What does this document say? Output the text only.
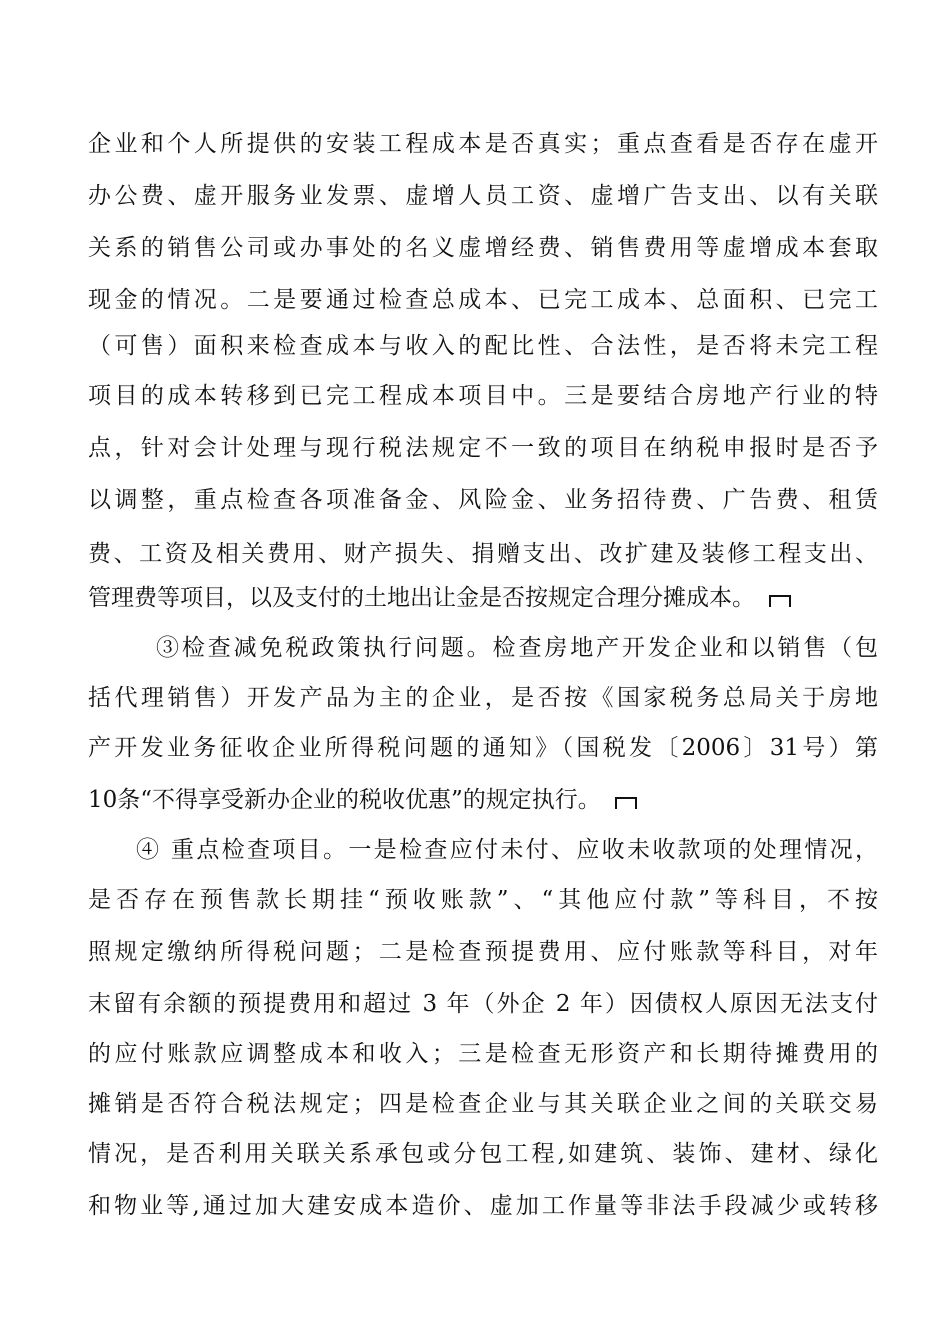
企业和个人所提供的安装工程成本是否真实；重点查看是否存在虚开
办公费、虚开服务业发票、虚增人员工资、虚增广告支出、以有关联
关系的销售公司或办事处的名义虚增经费、销售费用等虚增成本套取
现金的情况。二是要通过检查总成本、已完工成本、总面积、已完工
（可售）面积来检查成本与收入的配比性、合法性，是否将未完工程
项目的成本转移到已完工程成本项目中。三是要结合房地产行业的特
点，针对会计处理与现行税法规定不一致的项目在纳税申报时是否予
以调整，重点检查各项准备金、风险金、业务招待费、广告费、租赁
费、工资及相关费用、财产损失、捐赠支出、改扩建及装修工程支出、
管理费等项目，以及支付的土地出让金是否按规定合理分摊成本。
③检查减免税政策执行问题。检查房地产开发企业和以销售（包
括代理销售）开发产品为主的企业，是否按《国家税务总局关于房地
产开发业务征收企业所得税问题的通知》（国税发〔2006〕31号）第
10条“不得享受新办企业的税收优惠”的规定执行。
④ 重点检查项目。一是检查应付未付、应收未收款项的处理情况，
是否存在预售款长期挂“预收账款”、“其他应付款”等科目，不按
照规定缴纳所得税问题；二是检查预提费用、应付账款等科目，对年
末留有余额的预提费用和超过 3 年（外企 2 年）因债权人原因无法支付
的应付账款应调整成本和收入；三是检查无形资产和长期待摊费用的
摊销是否符合税法规定；四是检查企业与其关联企业之间的关联交易
情况，是否利用关联关系承包或分包工程,如建筑、装饰、建材、绿化
和物业等,通过加大建安成本造价、虚加工作量等非法手段减少或转移
